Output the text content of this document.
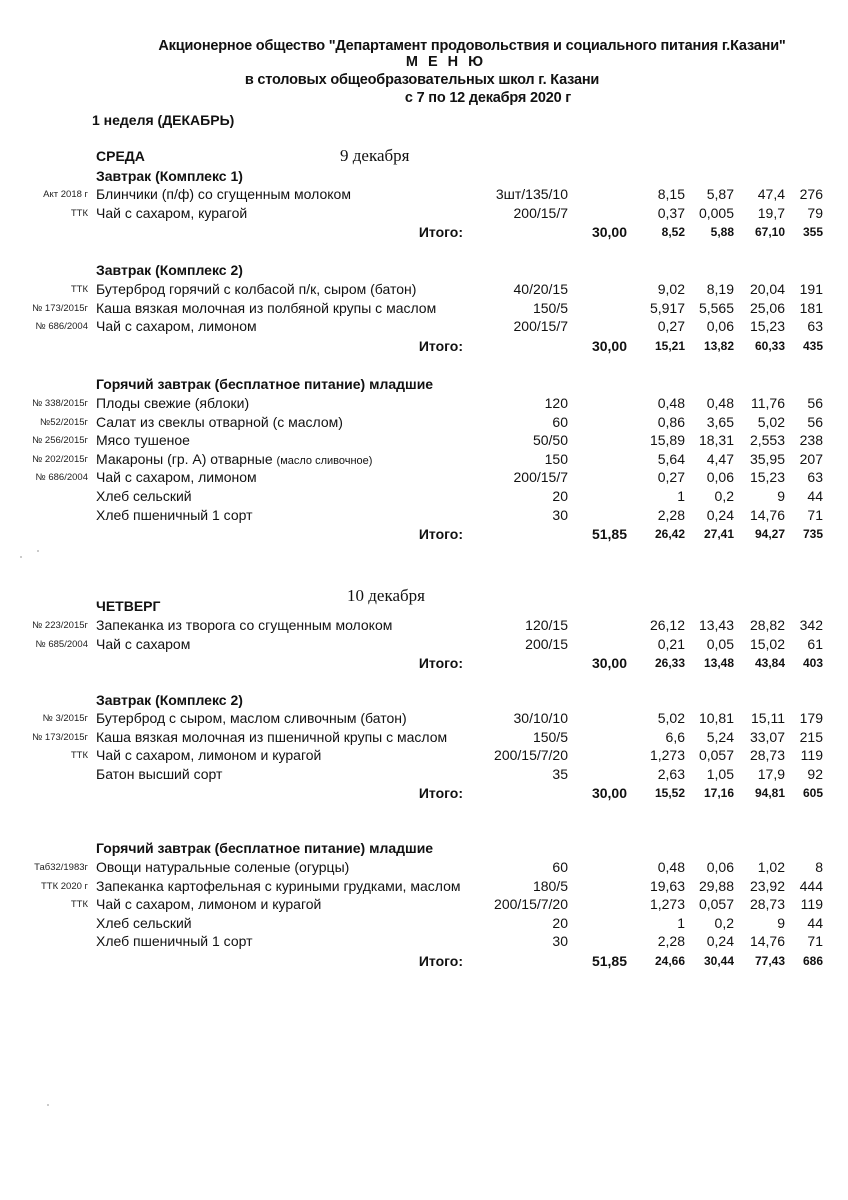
Акционерное общество "Департамент продовольствия и социального питания г.Казани"
М Е Н Ю
в столовых общеобразовательных школ г. Казани
с 7 по 12 декабря 2020 г
1 неделя (ДЕКАБРЬ)
СРЕДА	9 декабря
Завтрак (Комплекс 1)
Акт 2018 г Блинчики (п/ф) со сгущенным молоком	3шт/135/10	8,15 5,87 47,4 276
ТТК Чай с сахаром, курагой	200/15/7	0,37 0,005 19,7 79
Итого:	30,00	8,52 5,88 67,10 355
Завтрак (Комплекс 2)
ТТК Бутерброд горячий с колбасой п/к, сыром (батон)	40/20/15	9,02 8,19 20,04 191
№ 173/2015г Каша вязкая молочная из полбяной крупы с маслом	150/5	5,917 5,565 25,06 181
№ 686/2004 Чай с сахаром, лимоном	200/15/7	0,27 0,06 15,23 63
Итого:	30,00 15,21 13,82 60,33 435
Горячий завтрак (бесплатное питание) младшие
№ 338/2015г Плоды свежие (яблоки)	120	0,48 0,48 11,76 56
№52/2015г Салат из свеклы отварной (с маслом)	60	0,86 3,65 5,02 56
№ 256/2015г Мясо тушеное	50/50	15,89 18,31 2,553 238
№ 202/2015г Макароны (гр. А) отварные (масло сливочное)	150	5,64 4,47 35,95 207
№ 686/2004 Чай с сахаром, лимоном	200/15/7	0,27 0,06 15,23 63
Хлеб сельский	20	1 0,2	9 44
Хлеб пшеничный 1 сорт	30	2,28 0,24 14,76 71
Итого:	51,85 26,42 27,41 94,27 735
ЧЕТВЕРГ
10 декабря
№ 223/2015г Запеканка из творога со сгущенным молоком	120/15	26,12 13,43 28,82 342
№ 685/2004 Чай с сахаром	200/15	0,21 0,05 15,02 61
Итого:	30,00 26,33 13,48 43,84 403
Завтрак (Комплекс 2)
№ 3/2015г Бутерброд с сыром, маслом сливочным (батон)	30/10/10	5,02 10,81 15,11 179
№ 173/2015г Каша вязкая молочная из пшеничной крупы с маслом	150/5	6,6 5,24 33,07 215
ТТК Чай с сахаром, лимоном и курагой	200/15/7/20	1,273 0,057 28,73 119
Батон высший сорт	35	2,63 1,05 17,9 92
Итого:	30,00 15,52 17,16 94,81 605
Горячий завтрак (бесплатное питание) младшие
Таб32/1983г Овощи натуральные соленые (огурцы)	60	0,48 0,06 1,02 8
ТТК 2020 г Запеканка картофельная с куриными грудками, маслом	180/5	19,63 29,88 23,92 444
ТТК Чай с сахаром, лимоном и курагой	200/15/7/20	1,273 0,057 28,73 119
Хлеб сельский	20	1 0,2	9 44
Хлеб пшеничный 1 сорт	30	2,28 0,24 14,76 71
Итого:	51,85 24,66 30,44 77,43 686
